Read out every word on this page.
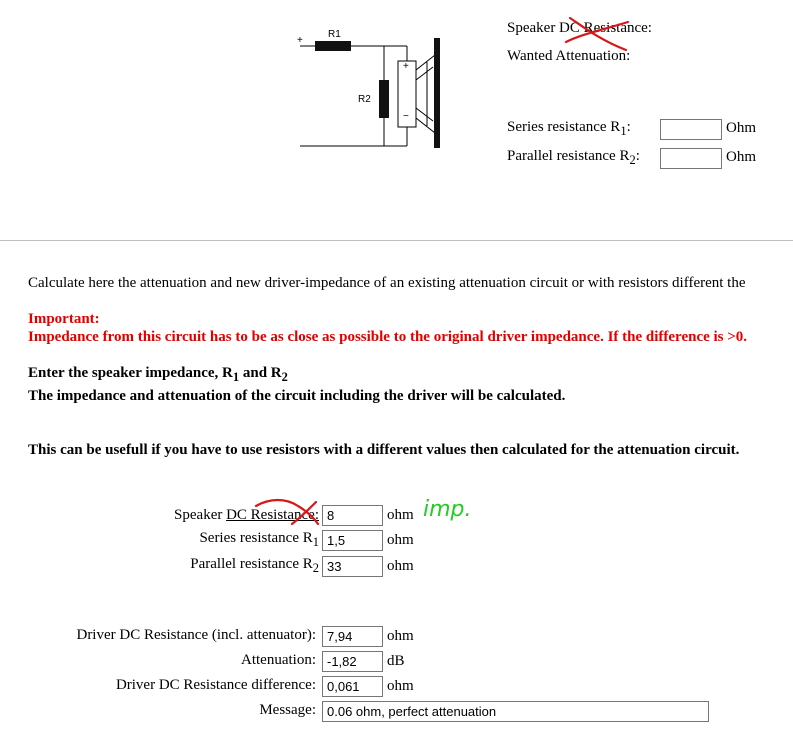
+
R1
R2
+
−
Speaker DC Resistance:
Wanted Attenuation:
Series resistance $R_1$:	Ohm
Parallel resistance $R_2$:	Ohm
Calculate here the attenuation and new driver-impedance of an existing attenuation circuit or with resistors different the
Important:
Impedance from this circuit has to be as close as possible to the original driver impedance. If the difference is >0.
Enter the speaker impedance, $R_1$ and $R_2$
The impedance and attenuation of the circuit including the driver will be calculated.
This can be usefull if you have to use resistors with a different values then calculated for the attenuation circuit.
Speaker DC Resistance: 8	ohm imp.
Series resistance $R_1$ 1,5	ohm
Parallel resistance $R_2$ 33	ohm
Driver DC Resistance (incl. attenuator): 7,94	ohm
Attenuation: -1,82	dB
Driver DC Resistance difference: 0,061	ohm
Message: 0.06 ohm, perfect attenuation
